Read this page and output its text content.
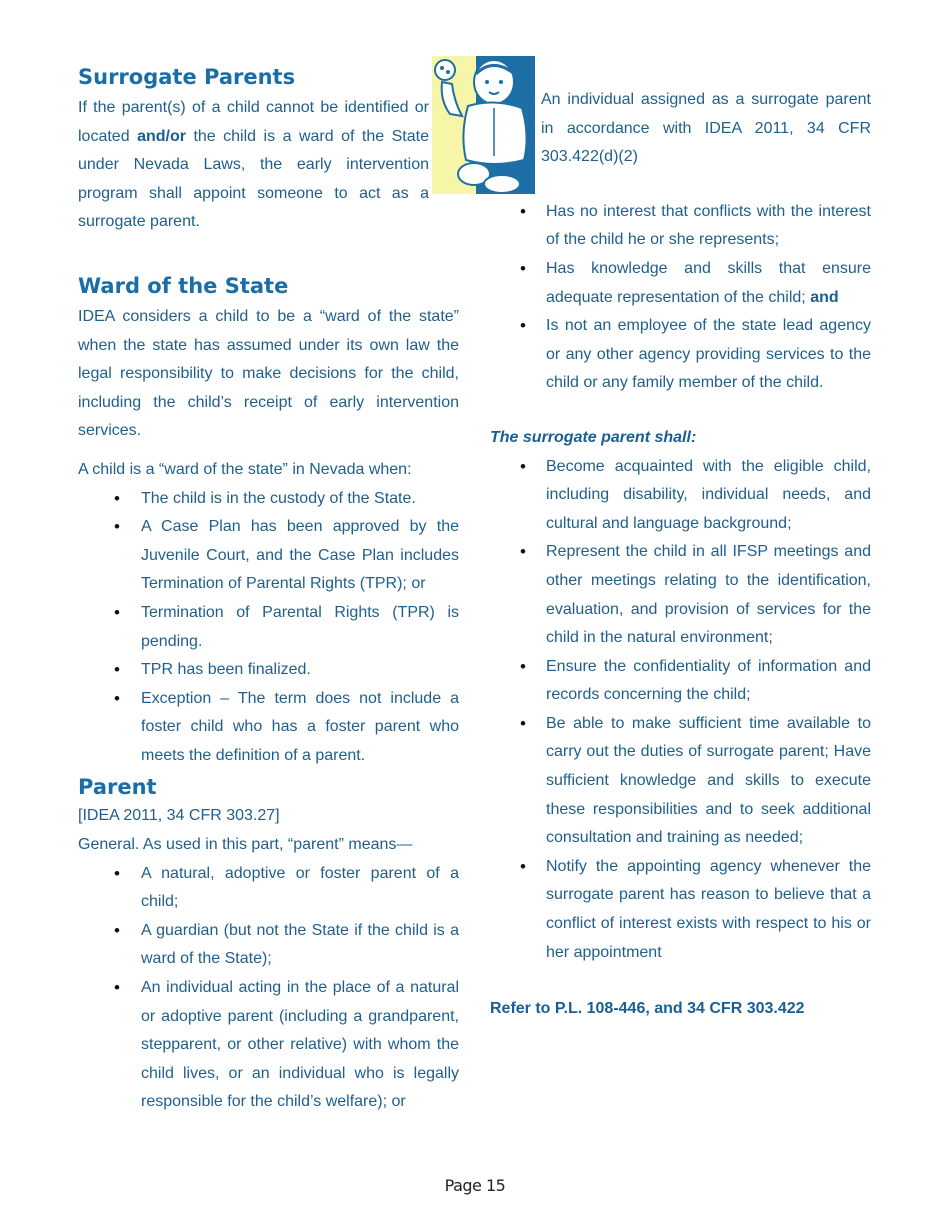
Surrogate Parents

If the parent(s) of a child cannot be identified or located and/or the child is a ward of the State under Nevada Laws, the early intervention program shall appoint someone to act as a surrogate parent.

Ward of the State

IDEA considers a child to be a “ward of the state” when the state has assumed under its own law the legal responsibility to make decisions for the child, including the child’s receipt of early intervention services.

A child is a “ward of the state” in Nevada when:

• The child is in the custody of the State.
• A Case Plan has been approved by the Juvenile Court, and the Case Plan includes Termination of Parental Rights (TPR); or
• Termination of Parental Rights (TPR) is pending.
• TPR has been finalized.
• Exception – The term does not include a foster child who has a foster parent who meets the definition of a parent.
Parent

[IDEA 2011, 34 CFR 303.27]

General. As used in this part, “parent” means—

• A natural, adoptive or foster parent of a child;
• A guardian (but not the State if the child is a ward of the State);
• An individual acting in the place of a natural or adoptive parent (including a grandparent, stepparent, or other relative) with whom the child lives, or an individual who is legally responsible for the child’s welfare); or

An individual assigned as a surrogate parent in accordance with IDEA 2011, 34 CFR 303.422(d)(2)

• Has no interest that conflicts with the interest of the child he or she represents;
• Has knowledge and skills that ensure adequate representation of the child; and
• Is not an employee of the state lead agency or any other agency providing services to the child or any family member of the child.

The surrogate parent shall:

• Become acquainted with the eligible child, including disability, individual needs, and cultural and language background;
• Represent the child in all IFSP meetings and other meetings relating to the identification, evaluation, and provision of services for the child in the natural environment;
• Ensure the confidentiality of information and records concerning the child;
• Be able to make sufficient time available to carry out the duties of surrogate parent; Have sufficient knowledge and skills to execute these responsibilities and to seek additional consultation and training as needed;
• Notify the appointing agency whenever the surrogate parent has reason to believe that a conflict of interest exists with respect to his or her appointment

Refer to P.L. 108-446, and 34 CFR 303.422

Page 15
